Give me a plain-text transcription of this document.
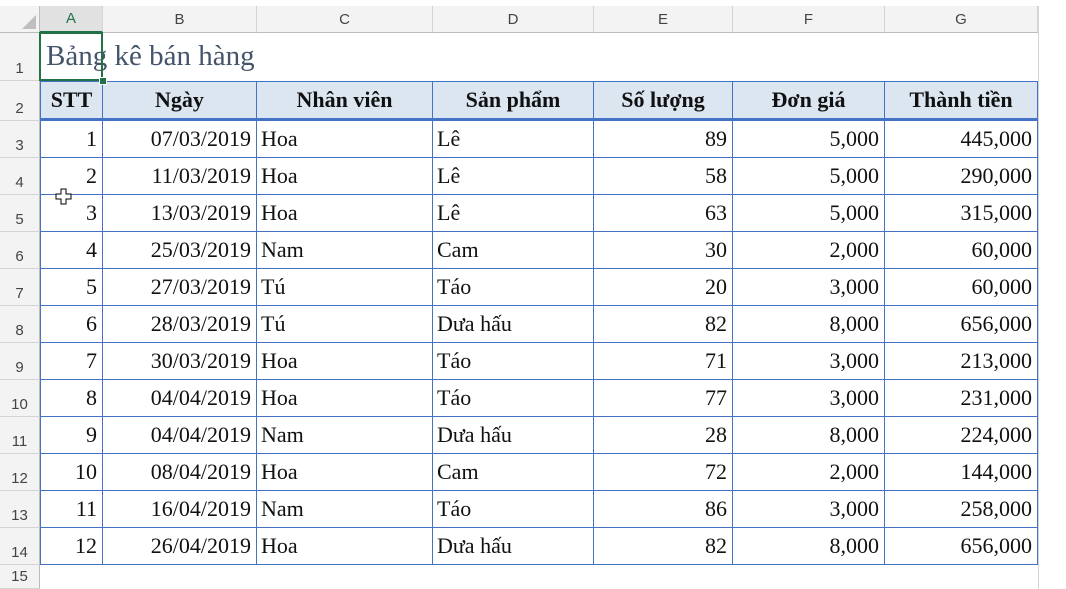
A	B	C	D	E	F	G
1
2
3
4
5
6
7
8
9
10
11
12
13
14
15
STT	Ngày	Nhân viên	Sản phẩm	Số lượng	Đơn giá	Thành tiền
1	07/03/2019 Hoa	Lê	89	5,000	445,000
2	11/03/2019 Hoa	Lê	58	5,000	290,000
3	13/03/2019 Hoa	Lê	63	5,000	315,000
4	25/03/2019 Nam	Cam	30	2,000	60,000
5	27/03/2019 Tú	Táo	20	3,000	60,000
6	28/03/2019 Tú	Dưa hấu	82	8,000	656,000
7	30/03/2019 Hoa	Táo	71	3,000	213,000
8	04/04/2019 Hoa	Táo	77	3,000	231,000
9	04/04/2019 Nam	Dưa hấu	28	8,000	224,000
10	08/04/2019 Hoa	Cam	72	2,000	144,000
11	16/04/2019 Nam	Táo	86	3,000	258,000
12	26/04/2019 Hoa	Dưa hấu	82	8,000	656,000
Bảng kê bán hàng
